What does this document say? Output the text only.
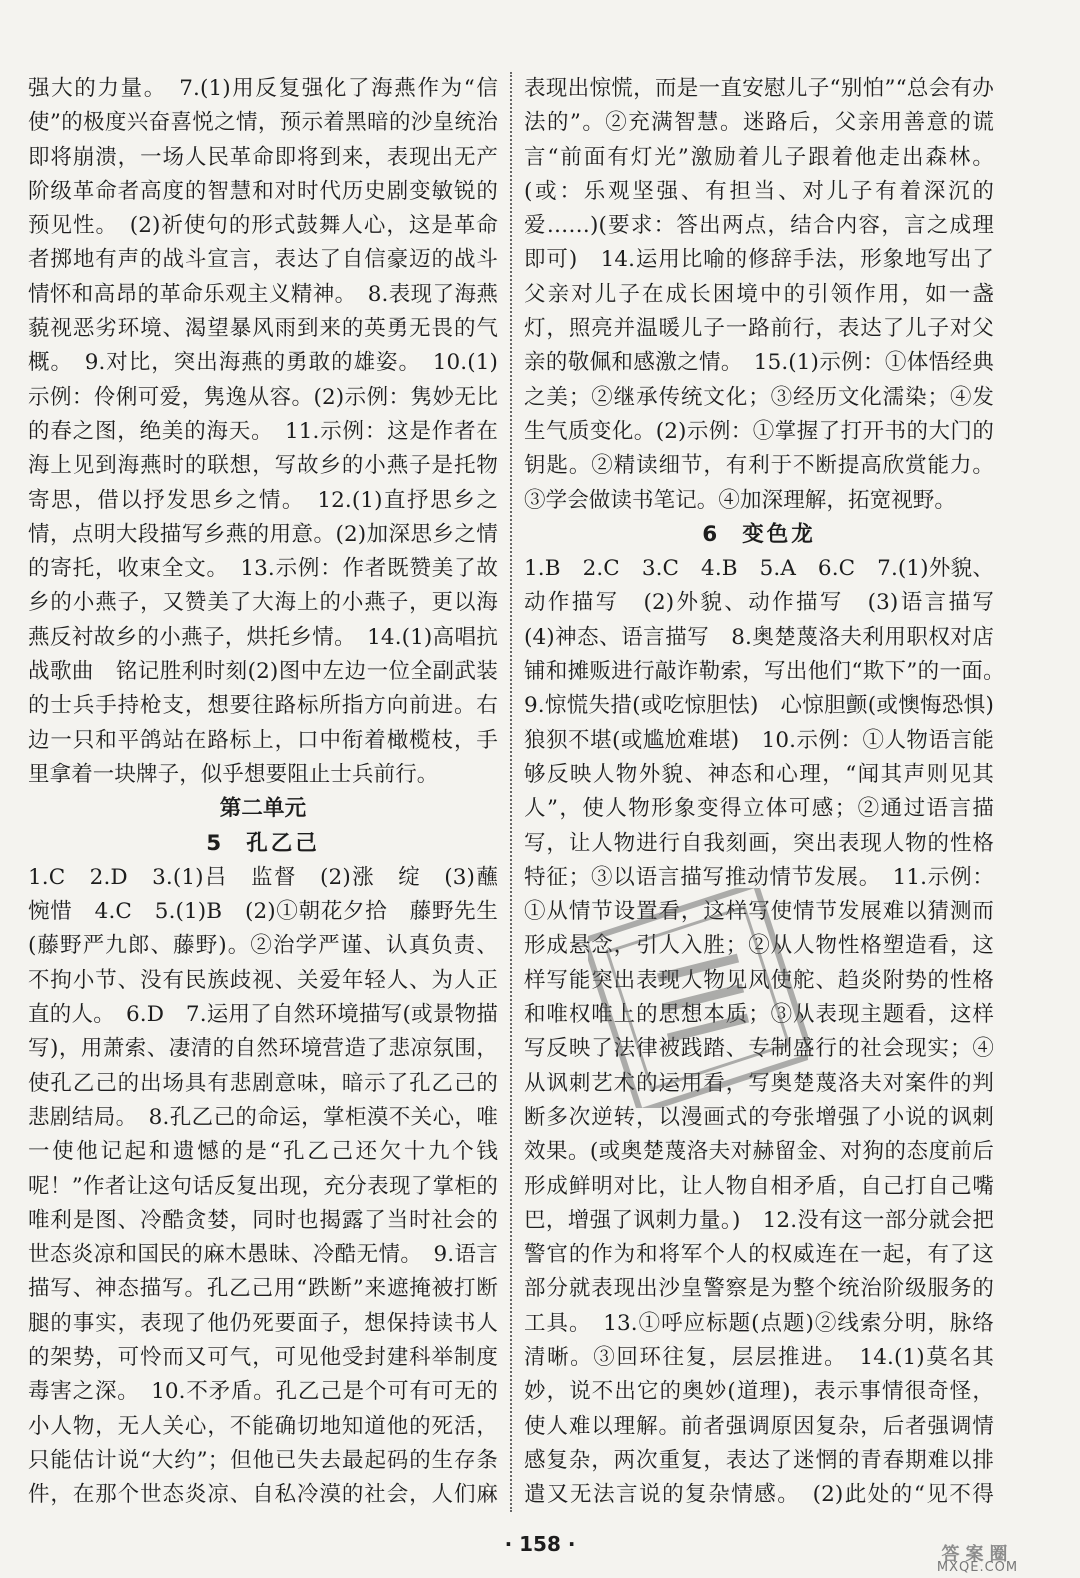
强大的力量。　7.(1)用反复强化了海燕作为“信使”的极度兴奋喜悦之情，预示着黑暗的沙皇统治即将崩溃，一场人民革命即将到来，表现出无产阶级革命者高度的智慧和对时代历史剧变敏锐的预见性。　(2)祈使句的形式鼓舞人心，这是革命者掷地有声的战斗宣言，表达了自信豪迈的战斗情怀和高昂的革命乐观主义精神。　8.表现了海燕藐视恶劣环境、渴望暴风雨到来的英勇无畏的气概。　9.对比，突出海燕的勇敢的雄姿。　10.(1)示例：伶俐可爱，隽逸从容。(2)示例：隽妙无比的春之图，绝美的海天。　11.示例：这是作者在海上见到海燕时的联想，写故乡的小燕子是托物寄思，借以抒发思乡之情。　12.(1)直抒思乡之情，点明大段描写乡燕的用意。(2)加深思乡之情的寄托，收束全文。　13.示例：作者既赞美了故乡的小燕子，又赞美了大海上的小燕子，更以海燕反衬故乡的小燕子，烘托乡情。　14.(1)高唱抗战歌曲　铭记胜利时刻(2)图中左边一位全副武装的士兵手持枪支，想要往路标所指方向前进。右边一只和平鸽站在路标上，口中衔着橄榄枝，手里拿着一块牌子，似乎想要阻止士兵前行。

第二单元
5 孔乙己

1.C　2.D　3.(1)吕　监督　(2)涨　绽　(3)蘸　惋惜　4.C　5.(1)B　(2)①朝花夕拾　藤野先生(藤野严九郎、藤野)。②治学严谨、认真负责、不拘小节、没有民族歧视、关爱年轻人、为人正直的人。　6.D　7.运用了自然环境描写(或景物描写)，用萧索、凄清的自然环境营造了悲凉氛围，使孔乙己的出场具有悲剧意味，暗示了孔乙己的悲剧结局。　8.孔乙己的命运，掌柜漠不关心，唯一使他记起和遗憾的是“孔乙己还欠十九个钱呢！”作者让这句话反复出现，充分表现了掌柜的唯利是图、冷酷贪婪，同时也揭露了当时社会的世态炎凉和国民的麻木愚昧、冷酷无情。　9.语言描写、神态描写。孔乙己用“跌断”来遮掩被打断腿的事实，表现了他仍死要面子，想保持读书人的架势，可怜而又可气，可见他受封建科举制度毒害之深。　10.不矛盾。孔乙己是个可有可无的小人物，无人关心，不能确切地知道他的死活，只能估计说“大约”；但他已失去最起码的生存条件，在那个世态炎凉、自私冷漠的社会，人们麻　　　　

表现出惊慌，而是一直安慰儿子“别怕”“总会有办法的”。②充满智慧。迷路后，父亲用善意的谎言“前面有灯光”激励着儿子跟着他走出森林。(或：乐观坚强、有担当、对儿子有着深沉的爱……)(要求：答出两点，结合内容，言之成理即可)　14.运用比喻的修辞手法，形象地写出了父亲对儿子在成长困境中的引领作用，如一盏灯，照亮并温暖儿子一路前行，表达了儿子对父亲的敬佩和感激之情。　15.(1)示例：①体悟经典之美；②继承传统文化；③经历文化濡染；④发生气质变化。(2)示例：①掌握了打开书的大门的钥匙。②精读细节，有利于不断提高欣赏能力。③学会做读书笔记。④加深理解，拓宽视野。

6 变色龙

1.B　2.C　3.C　4.B　5.A　6.C　7.(1)外貌、动作描写　(2)外貌、动作描写　(3)语言描写　(4)神态、语言描写　8.奥楚蔑洛夫利用职权对店铺和摊贩进行敲诈勒索，写出他们“欺下”的一面。　9.惊慌失措(或吃惊胆怯)　心惊胆颤(或懊悔恐惧)　狼狈不堪(或尴尬难堪)　10.示例：①人物语言能够反映人物外貌、神态和心理，“闻其声则见其人”，使人物形象变得立体可感；②通过语言描写，让人物进行自我刻画，突出表现人物的性格特征；③以语言描写推动情节发展。　11.示例：①从情节设置看，这样写使情节发展难以猜测而形成悬念，引人入胜；②从人物性格塑造看，这样写能突出表现人物见风使舵、趋炎附势的性格和唯权唯上的思想本质；③从表现主题看，这样写反映了法律被践踏、专制盛行的社会现实；④从讽刺艺术的运用看，写奥楚蔑洛夫对案件的判断多次逆转，以漫画式的夸张增强了小说的讽刺效果。(或奥楚蔑洛夫对赫留金、对狗的态度前后形成鲜明对比，让人物自相矛盾，自己打自己嘴巴，增强了讽刺力量。)　12.没有这一部分就会把警官的作为和将军个人的权威连在一起，有了这部分就表现出沙皇警察是为整个统治阶级服务的工具。　13.①呼应标题(点题)②线索分明，脉络清晰。③回环往复，层层推进。　14.(1)莫名其妙，说不出它的奥妙(道理)，表示事情很奇怪，使人难以理解。前者强调原因复杂，后者强调情感复杂，两次重复，表达了迷惘的青春期难以排遣又无法言说的复杂情感。　(2)此处的“见不得　　　

· 158 ·	答案圈
MXQE.COM
